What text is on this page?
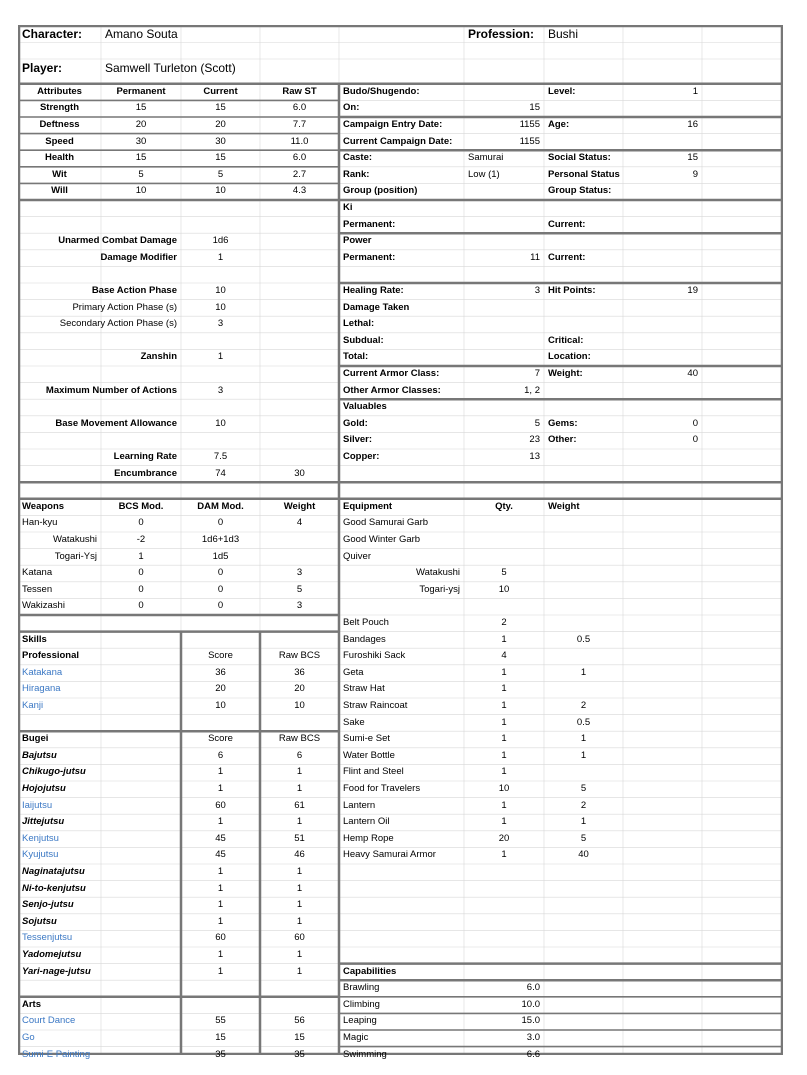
Character:	Amano Souta	Profession:	Bushi
Player:	Samwell Turleton (Scott)
Attributes	Permanent	Current	Raw ST
Strength	15	15	6.0
Deftness	20	20	7.7
Speed	30	30	11.0
Health	15	15	6.0
Wit	5	5	2.7
Will	10	10	4.3
Unarmed Combat Damage	1d6
Damage Modifier	1
Base Action Phase	10
Primary Action Phase (s)	10
Secondary Action Phase (s)	3
Zanshin	1
Maximum Number of Actions	3
Base Movement Allowance	10
Learning Rate	7.5
Encumbrance	74	30
Budo/Shugendo:	Level:	1
On:	15
Campaign Entry Date:	1155 Age:	16
Current Campaign Date:	1155
Caste:	Samurai	Social Status:	15
Rank:	Low (1)	Personal Status	9
Group (position)	Group Status:
Ki
Permanent:	Current:
Power
Permanent:	11 Current:
Healing Rate:	3 Hit Points:	19
Damage Taken
Lethal:
Subdual:	Critical:
Total:	Location:
Current Armor Class:	7 Weight:	40
Other Armor Classes:	1, 2
Valuables
Gold:	5 Gems:	0
Silver:	23 Other:	0
Copper:	13
Weapons	BCS Mod.	DAM Mod.	Weight
Han-kyu	0	0	4
Watakushi	-2	1d6+1d3
Togari-Ysj	1	1d5
Katana	0	0	3
Tessen	0	0	5
Wakizashi	0	0	3
Skills
Professional	Score	Raw BCS
Katakana	36	36
Hiragana	20	20
Kanji	10	10
Bugei	Score	Raw BCS
Bajutsu	6	6
Chikugo-jutsu	1	1
Hojojutsu	1	1
Iaijutsu	60	61
Jittejutsu	1	1
Kenjutsu	45	51
Kyujutsu	45	46
Naginatajutsu	1	1
Ni-to-kenjutsu	1	1
Senjo-jutsu	1	1
Sojutsu	1	1
Tessenjutsu	60	60
Yadomejutsu	1	1
Yari-nage-jutsu	1	1
Arts
Court Dance	55	56
Go	15	15
Sumi-E Painting	35	35
Equipment	Qty.	Weight
Good Samurai Garb
Good Winter Garb
Quiver
Watakushi	5
Togari-ysj	10
Belt Pouch	2
Bandages	1	0.5
Furoshiki Sack	4
Geta	1	1
Straw Hat	1
Straw Raincoat	1	2
Sake	1	0.5
Sumi-e Set	1	1
Water Bottle	1	1
Flint and Steel	1
Food for Travelers	10	5
Lantern	1	2
Lantern Oil	1	1
Hemp Rope	20	5
Heavy Samurai Armor	1	40
Capabilities
Brawling	6.0
Climbing	10.0
Leaping	15.0
Magic	3.0
Swimming	6.6
